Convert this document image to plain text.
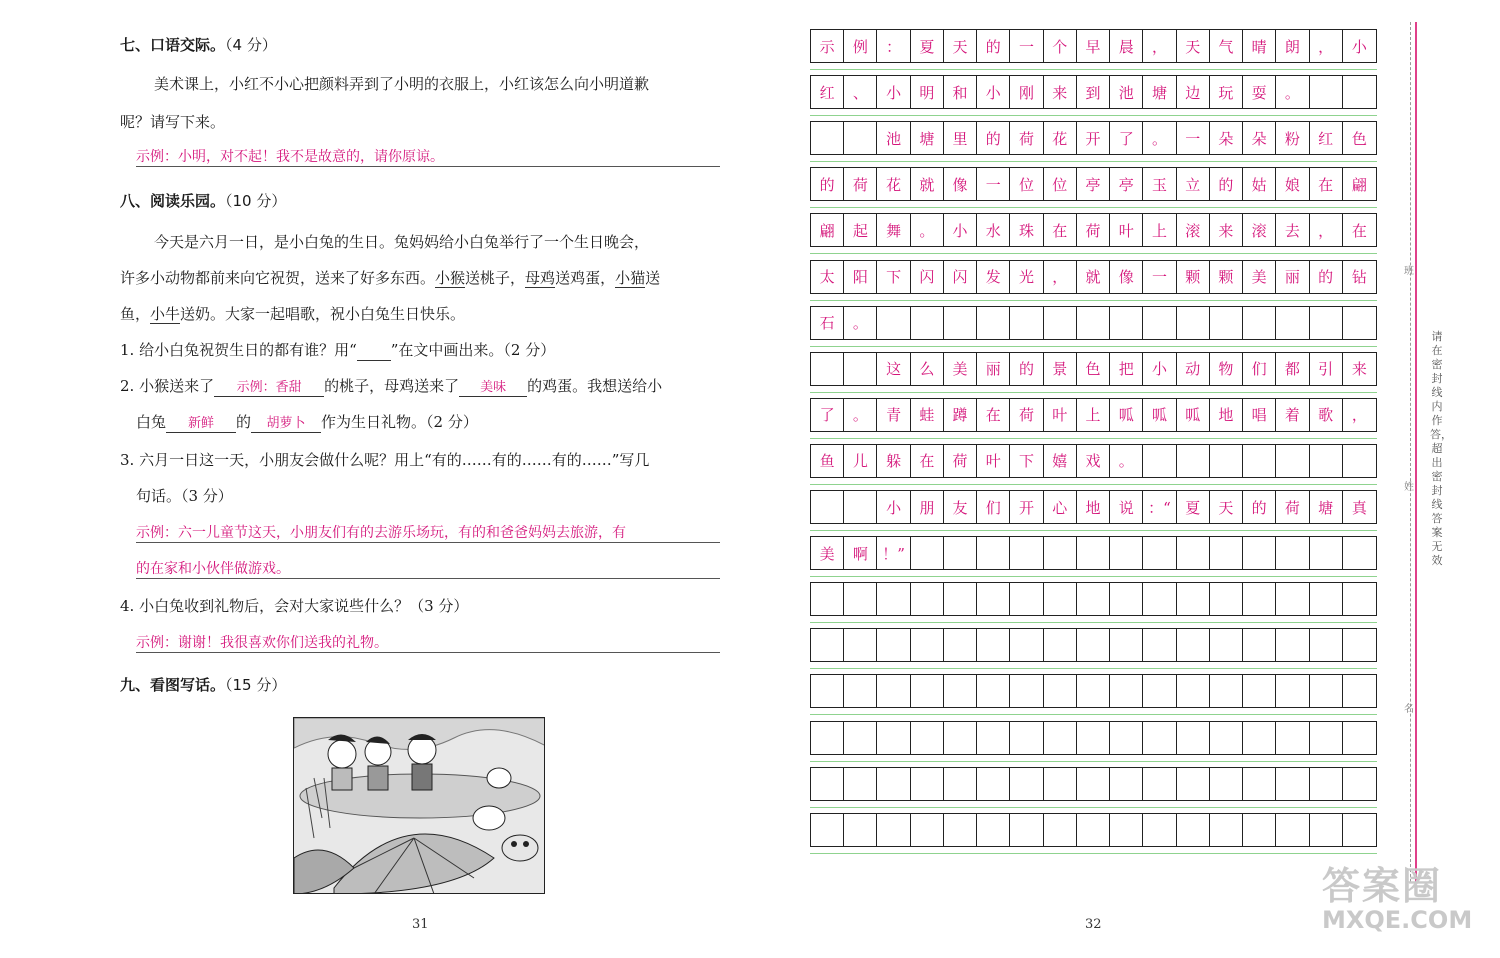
七、口语交际。（4 分）
美术课上，小红不小心把颜料弄到了小明的衣服上，小红该怎么向小明道歉
呢？请写下来。
示例：小明，对不起！我不是故意的，请你原谅。
八、阅读乐园。（10 分）
今天是六月一日，是小白兔的生日。兔妈妈给小白兔举行了一个生日晚会，
许多小动物都前来向它祝贺，送来了好多东西。小猴送桃子，母鸡送鸡蛋，小猫送
鱼，小牛送奶。大家一起唱歌，祝小白兔生日快乐。
1. 给小白兔祝贺生日的都有谁？用“ ”在文中画出来。（2 分）
2. 小猴送来了 示例：香甜 的桃子，母鸡送来了 美味 的鸡蛋。我想送给小
白兔 新鲜 的 胡萝卜 作为生日礼物。（2 分）
3. 六月一日这一天，小朋友会做什么呢？用上“有的……有的……有的……”写几
句话。（3 分）
示例：六一儿童节这天，小朋友们有的去游乐场玩，有的和爸爸妈妈去旅游，有
的在家和小伙伴做游戏。
4. 小白兔收到礼物后，会对大家说些什么？（3 分）
示例：谢谢！我很喜欢你们送我的礼物。
九、看图写话。（15 分）
31
示	例	：	夏	天	的	一	个	早	晨	，	天	气	晴	朗	，	小
红	、	小	明	和	小	刚	来	到	池	塘	边	玩	耍	。
池	塘	里	的	荷	花	开	了	。	一	朵	朵	粉	红	色
的	荷	花	就	像	一	位	位	亭	亭	玉	立	的	姑	娘	在	翩
翩	起	舞	。	小	水	珠	在	荷	叶	上	滚	来	滚	去	，	在
太	阳	下	闪	闪	发	光	，	就	像	一	颗	颗	美	丽	的	钻
石	。
这	么	美	丽	的	景	色	把	小	动	物	们	都	引	来
了	。	青	蛙	蹲	在	荷	叶	上	呱	呱	呱	地	唱	着	歌	，
鱼	儿	躲	在	荷	叶	下	嬉	戏	。
小	朋	友	们	开	心	地	说 ：“ 夏	天	的	荷	塘	真
美	啊 ！”
32
班
姓
名
请在密封线内作答，超出密封线答案无效
答案圈
MXQE.COM
